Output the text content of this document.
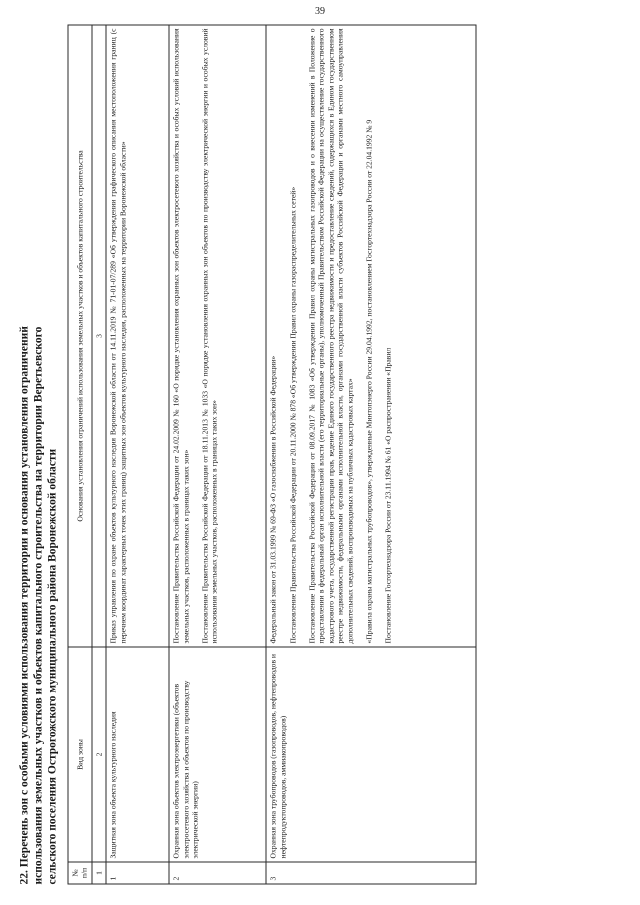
39
22. Перечень зон с особыми условиями использования территории и основания установления ограничений использования земельных участков и объектов капитального строительства на территории Веретьевского сельского поселения Острогожского муниципального района Воронежской области № п/п	Вид зоны	Основания установления ограничений использования земельных участков и объектов капитального строительства
1	2	3
1	Защитная зона объекта культурного наследия	Приказ управления по охране объектов культурного наследия Воронежской области от 14.11.2019 № 71-01-07/289 «Об утверждении графического описания местоположения границ (с перечнем координат характерных точек этих границ) защитных зон объектов культурного наследия, расположенных на территории Воронежской области»

2	Охранная зона объектов электроэнергетики (объектов электросетевого хозяйства и объектов по производству электрической энергии)	Постановление Правительства Российской Федерации от 24.02.2009 № 160 «О порядке установления охранных зон объектов электросетевого хозяйства и особых условий использования земельных участков, расположенных в границах таких зон» Постановление Правительства Российской Федерации от 18.11.2013 № 1033 «О порядке установления охранных зон объектов по производству электрической энергии и особых условий использования земельных участков, расположенных в границах таких зон»

3	Охранная зона трубопроводов (газопроводов, нефтепроводов и нефтепродуктопроводов, аммиакопроводов)	Федеральный закон от 31.03.1999 № 69-ФЗ «О газоснабжении в Российской Федерации» Постановление Правительства Российской Федерации от 20.11.2000 № 878 «Об утверждении Правил охраны газораспределительных сетей» Постановление Правительства Российской Федерации от 08.09.2017 № 1083 «Об утверждении Правил охраны магистральных газопроводов и о внесении изменений в Положение о представлении в федеральный орган исполнительной власти (его территориальные органы), уполномоченный Правительством Российской Федерации на осуществление государственного кадастрового учета, государственной регистрации прав, ведение Единого государственного реестра недвижимости и предоставление сведений, содержащихся в Едином государственном реестре недвижимости, федеральными органами исполнительной власти, органами государственной власти субъектов Российской Федерации и органами местного самоуправления дополнительных сведений, воспроизводимых на публичных кадастровых картах» «Правила охраны магистральных трубопроводов», утвержденные Минтопэнерго России 29.04.1992, постановлением Госгортехнадзора России от 22.04.1992 № 9 Постановление Госгортехнадзора России от 23.11.1994 № 61 «О распространении «Правил
